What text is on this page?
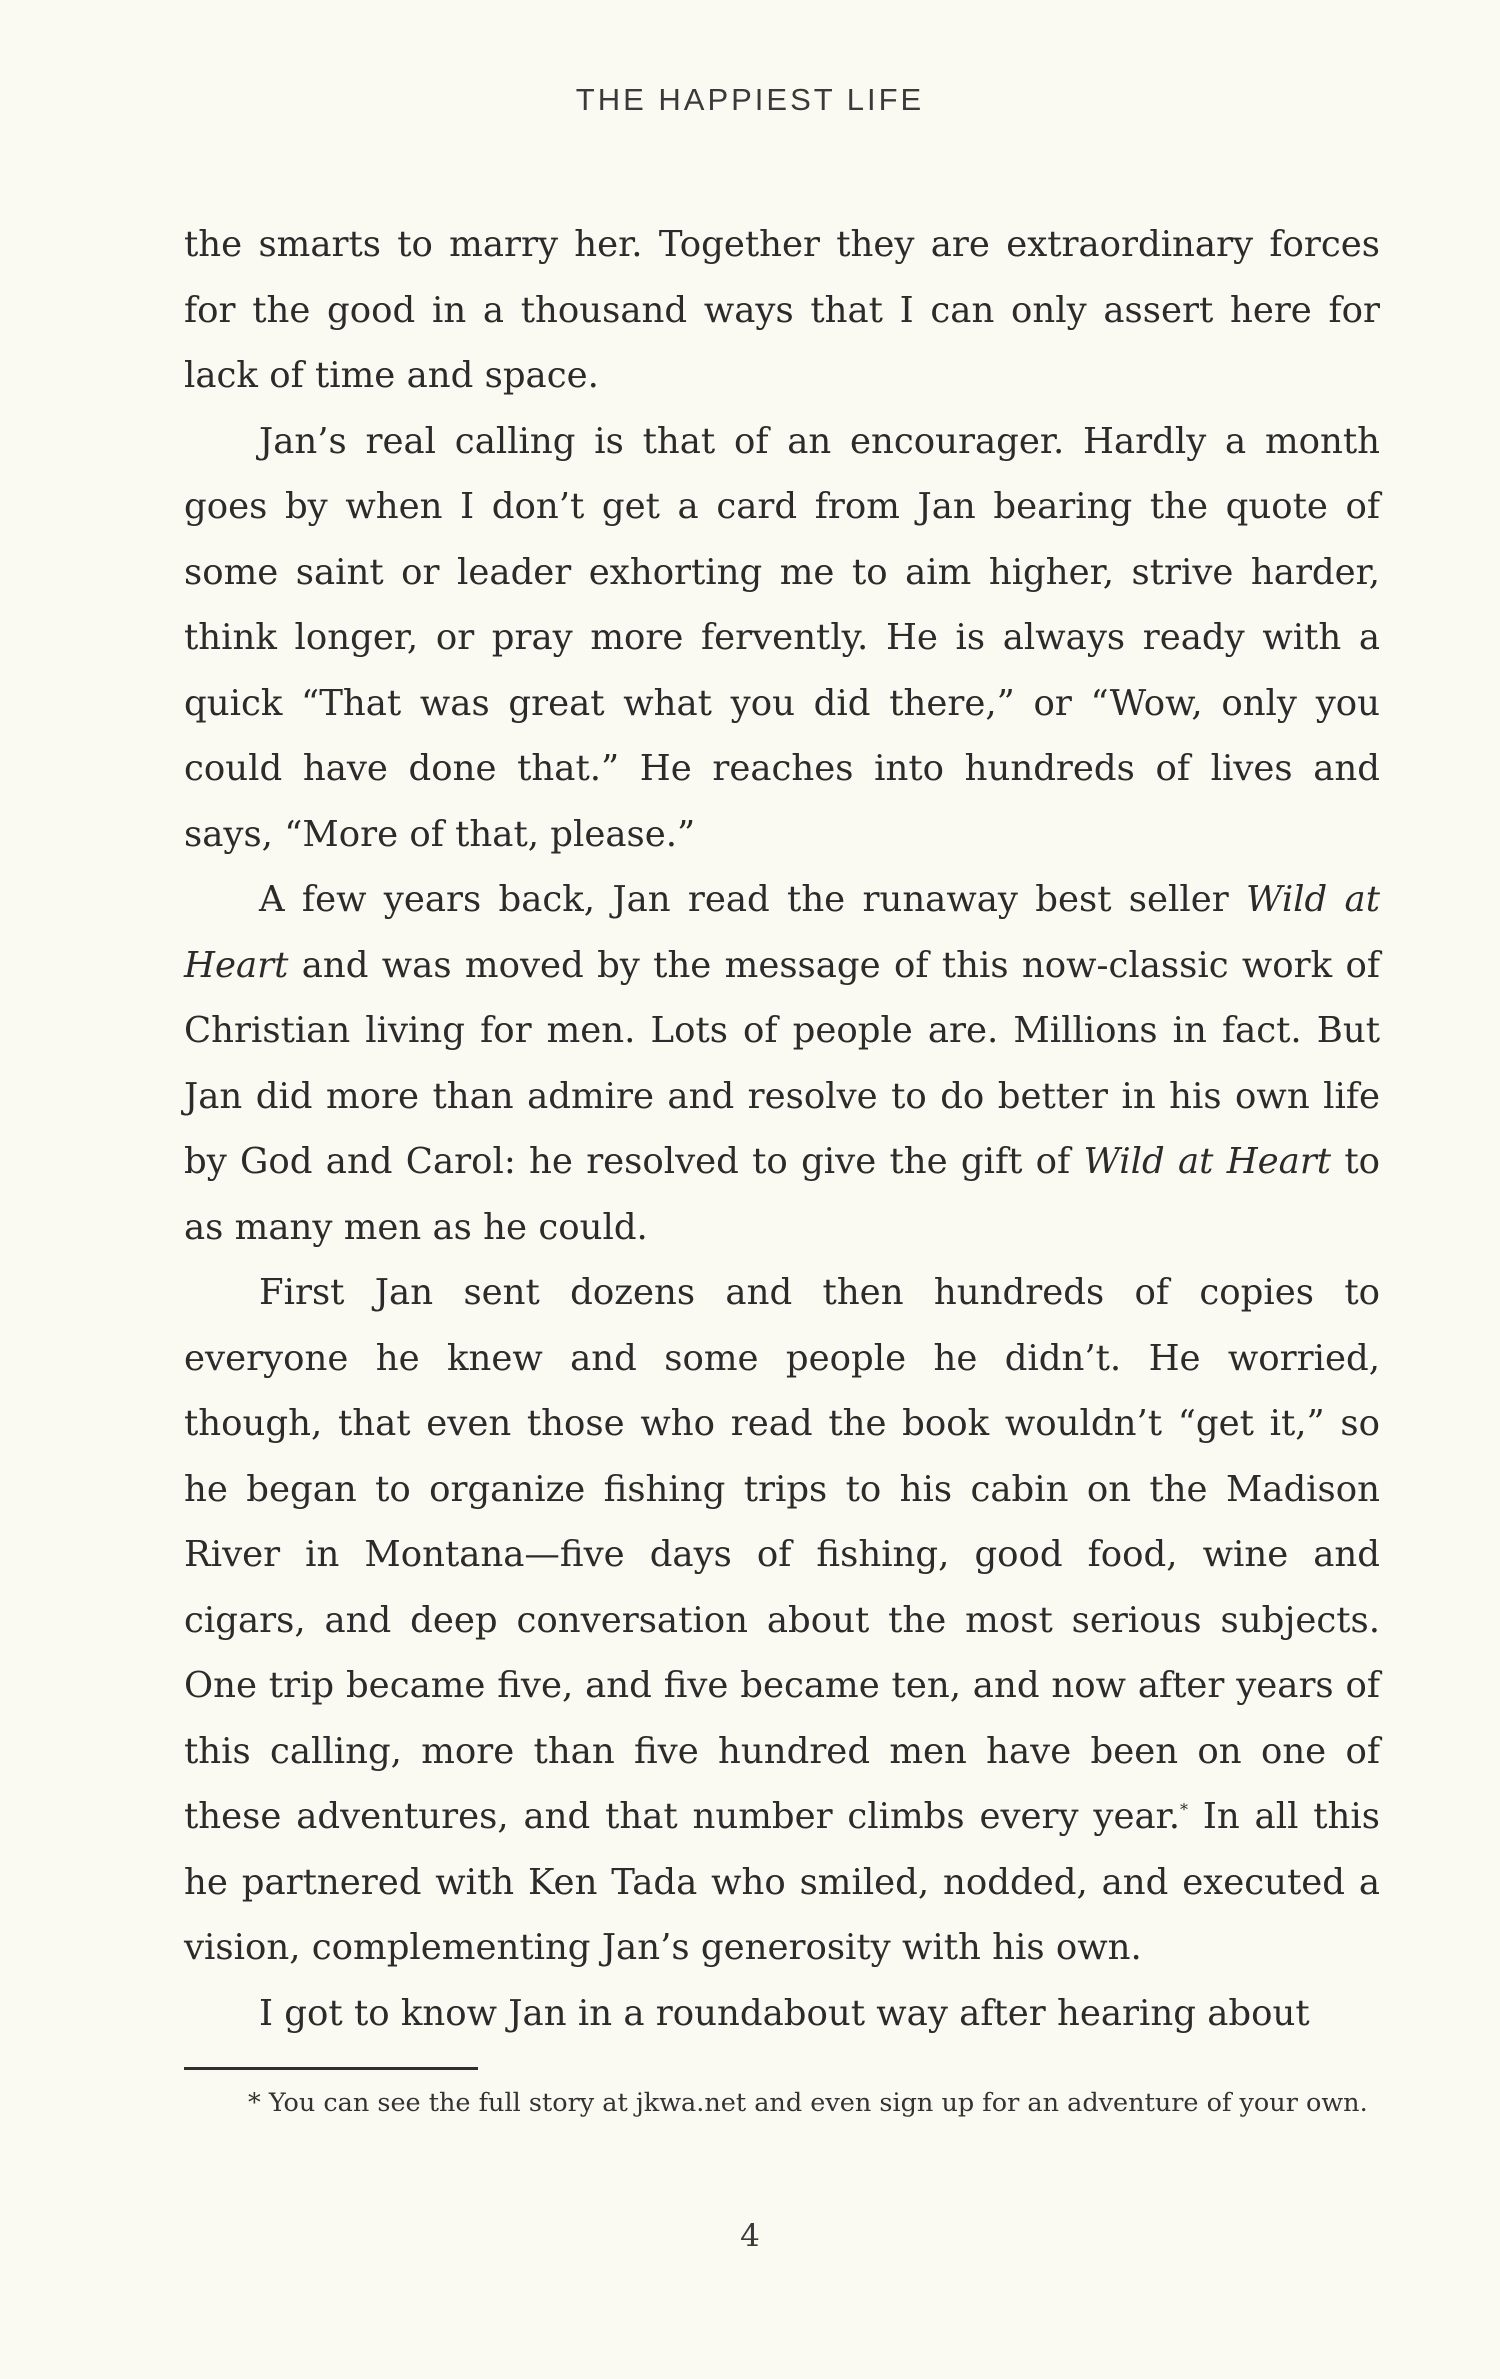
THE HAPPIEST LIFE

the smarts to marry her. Together they are extraordinary forces for the good in a thousand ways that I can only assert here for lack of time and space.

Jan’s real calling is that of an encourager. Hardly a month goes by when I don’t get a card from Jan bearing the quote of some saint or leader exhorting me to aim higher, strive harder, think longer, or pray more fervently. He is always ready with a quick “That was great what you did there,” or “Wow, only you could have done that.” He reaches into hundreds of lives and says, “More of that, please.”

A few years back, Jan read the runaway best seller Wild at Heart and was moved by the message of this now-classic work of Christian living for men. Lots of people are. Millions in fact. But Jan did more than admire and resolve to do better in his own life by God and Carol: he resolved to give the gift of Wild at Heart to as many men as he could.

First Jan sent dozens and then hundreds of copies to everyone he knew and some people he didn’t. He worried, though, that even those who read the book wouldn’t “get it,” so he began to organize fishing trips to his cabin on the Madison River in Montana—five days of fishing, good food, wine and cigars, and deep conversation about the most serious subjects. One trip became five, and five became ten, and now after years of this calling, more than five hundred men have been on one of these adventures, and that number climbs every year.* In all this he partnered with Ken Tada who smiled, nodded, and executed a vision, complementing Jan’s generosity with his own.

I got to know Jan in a roundabout way after hearing about

* You can see the full story at jkwa.net and even sign up for an adventure of your own.
4
